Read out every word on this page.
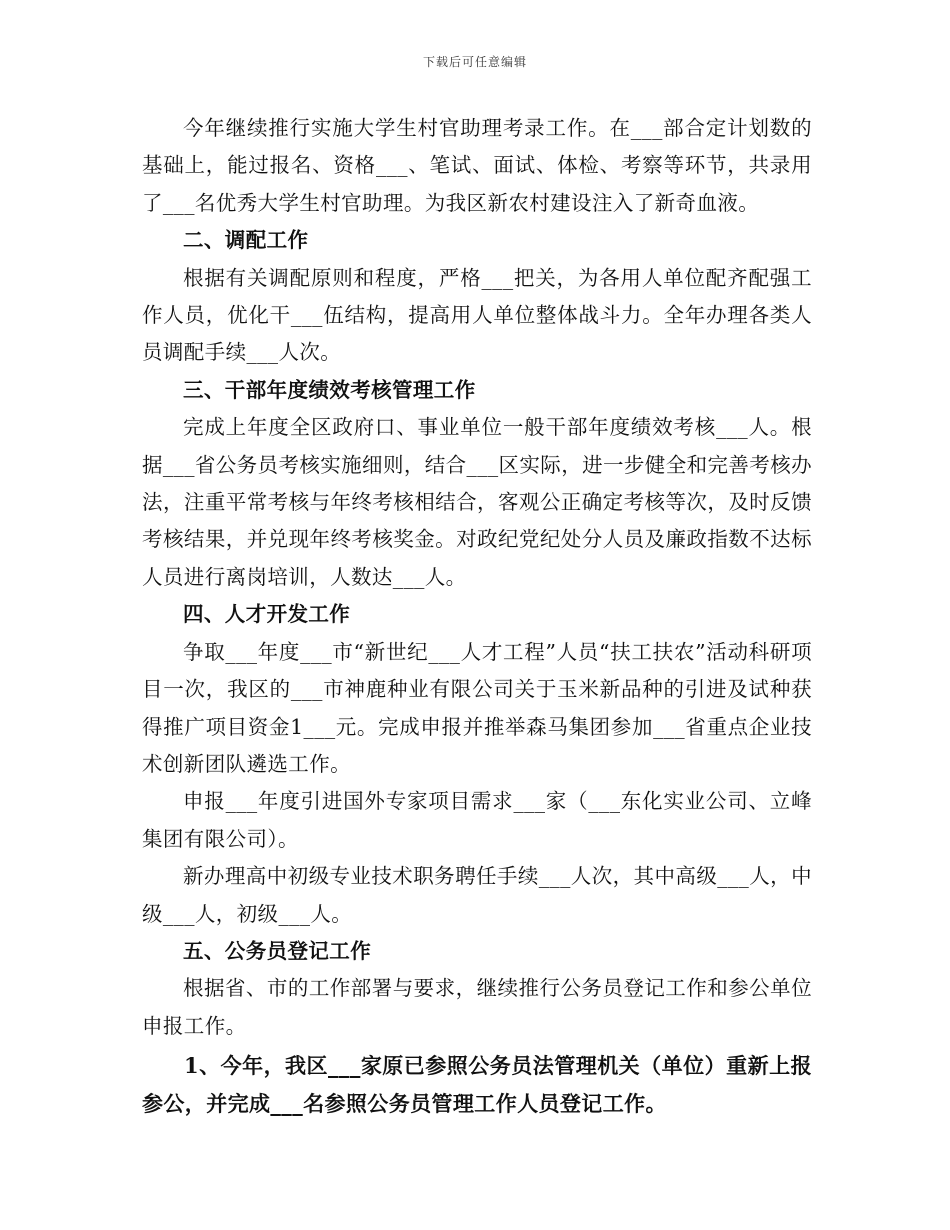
下载后可任意编辑

今年继续推行实施大学生村官助理考录工作。在___部合定计划数的基础上，能过报名、资格___、笔试、面试、体检、考察等环节，共录用了___名优秀大学生村官助理。为我区新农村建设注入了新奇血液。

二、调配工作

根据有关调配原则和程度，严格___把关，为各用人单位配齐配强工作人员，优化干___伍结构，提高用人单位整体战斗力。全年办理各类人员调配手续___人次。

三、干部年度绩效考核管理工作

完成上年度全区政府口、事业单位一般干部年度绩效考核___人。根据___省公务员考核实施细则，结合___区实际，进一步健全和完善考核办法，注重平常考核与年终考核相结合，客观公正确定考核等次，及时反馈考核结果，并兑现年终考核奖金。对政纪党纪处分人员及廉政指数不达标人员进行离岗培训，人数达___人。

四、人才开发工作

争取___年度___市“新世纪___人才工程”人员“扶工扶农”活动科研项目一次，我区的___市神鹿种业有限公司关于玉米新品种的引进及试种获得推广项目资金1___元。完成申报并推举森马集团参加___省重点企业技术创新团队遴选工作。

申报___年度引进国外专家项目需求___家（___东化实业公司、立峰集团有限公司）。

新办理高中初级专业技术职务聘任手续___人次，其中高级___人，中级___人，初级___人。

五、公务员登记工作

根据省、市的工作部署与要求，继续推行公务员登记工作和参公单位申报工作。

1、今年，我区___家原已参照公务员法管理机关（单位）重新上报参公，并完成___名参照公务员管理工作人员登记工作。
